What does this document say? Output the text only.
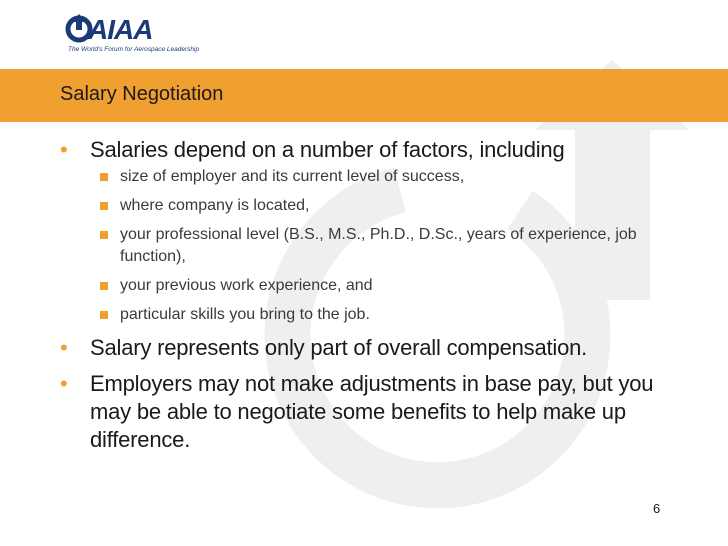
AIAA
The World's Forum for Aerospace Leadership
Salary Negotiation
• Salaries depend on a number of factors, including
size of employer and its current level of success,
where company is located,
your professional level (B.S., M.S., Ph.D., D.Sc., years of experience, job function),
your previous work experience, and
particular skills you bring to the job.
• Salary represents only part of overall compensation.
• Employers may not make adjustments in base pay, but you may be able to negotiate some benefits to help make up difference.
6
